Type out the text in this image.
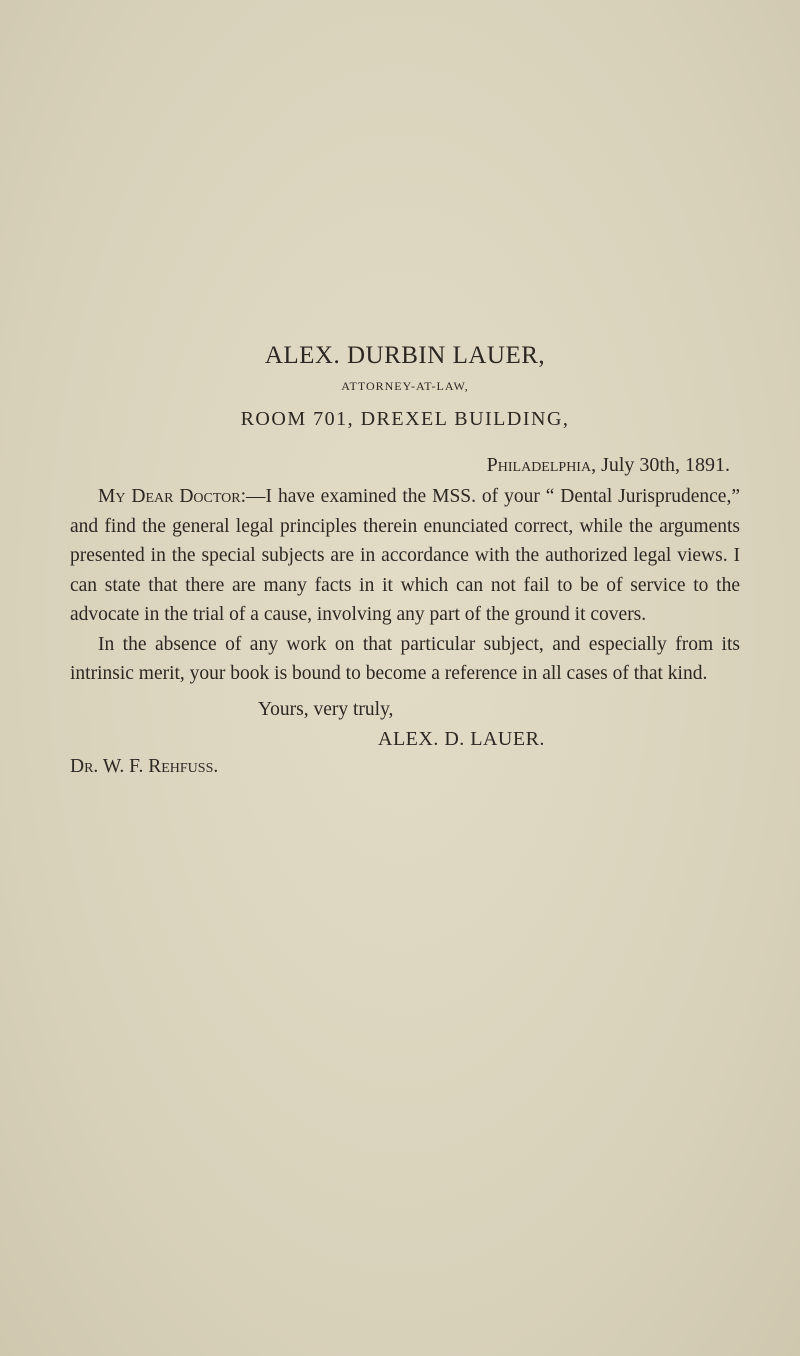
ALEX. DURBIN LAUER,

ATTORNEY-AT-LAW,

ROOM 701, DREXEL BUILDING,

Philadelphia, July 30th, 1891.

My Dear Doctor:—I have examined the MSS. of your “ Dental Jurisprudence,” and find the general legal principles therein enunciated correct, while the arguments presented in the special subjects are in accordance with the authorized legal views. I can state that there are many facts in it which can not fail to be of service to the advocate in the trial of a cause, involving any part of the ground it covers.

In the absence of any work on that particular subject, and especially from its intrinsic merit, your book is bound to become a reference in all cases of that kind.

Yours, very truly,

ALEX. D. LAUER.

Dr. W. F. Rehfuss.
